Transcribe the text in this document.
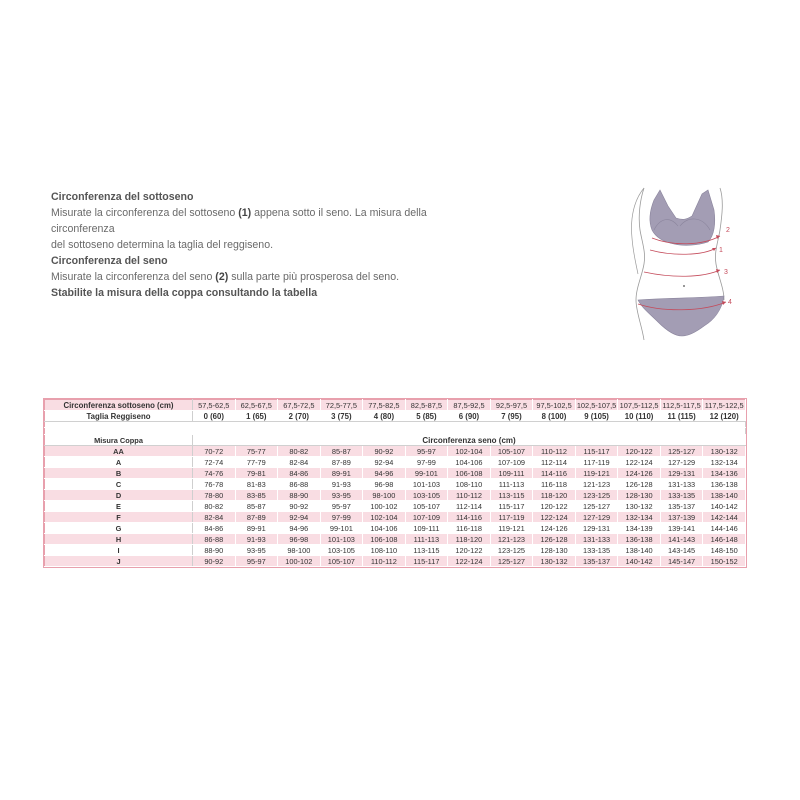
Circonferenza del sottoseno
Misurate la circonferenza del sottoseno (1) appena sotto il seno. La misura della
circonferenza
del sottoseno determina la taglia del reggiseno.
Circonferenza del seno
Misurate la circonferenza del seno (2) sulla parte più prosperosa del seno.
Stabilite la misura della coppa consultando la tabella
2
1
3
4
Circonferenza sottoseno (cm)	57,5-62,5	62,5-67,5	67,5-72,5	72,5-77,5	77,5-82,5	82,5-87,5	87,5-92,5	92,5-97,5	97,5-102,5	102,5-107,5	107,5-112,5	112,5-117,5	117,5-122,5
Taglia Reggiseno	0 (60)	1 (65)	2 (70)	3 (75)	4 (80)	5 (85)	6 (90)	7 (95)	8 (100)	9 (105)	10 (110)	11 (115)	12 (120)

Misura Coppa	Circonferenza seno (cm)												
AA	70-72	75-77	80-82	85-87	90-92	95-97	102-104	105-107	110-112	115-117	120-122	125-127	130-132
A	72-74	77-79	82-84	87-89	92-94	97-99	104-106	107-109	112-114	117-119	122-124	127-129	132-134
B	74-76	79-81	84-86	89-91	94-96	99-101	106-108	109-111	114-116	119-121	124-126	129-131	134-136
C	76-78	81-83	86-88	91-93	96-98	101-103	108-110	111-113	116-118	121-123	126-128	131-133	136-138
D	78-80	83-85	88-90	93-95	98-100	103-105	110-112	113-115	118-120	123-125	128-130	133-135	138-140
E	80-82	85-87	90-92	95-97	100-102	105-107	112-114	115-117	120-122	125-127	130-132	135-137	140-142
F	82-84	87-89	92-94	97-99	102-104	107-109	114-116	117-119	122-124	127-129	132-134	137-139	142-144
G	84-86	89-91	94-96	99-101	104-106	109-111	116-118	119-121	124-126	129-131	134-139	139-141	144-146
H	86-88	91-93	96-98	101-103	106-108	111-113	118-120	121-123	126-128	131-133	136-138	141-143	146-148
I	88-90	93-95	98-100	103-105	108-110	113-115	120-122	123-125	128-130	133-135	138-140	143-145	148-150
J	90-92	95-97	100-102	105-107	110-112	115-117	122-124	125-127	130-132	135-137	140-142	145-147	150-152
